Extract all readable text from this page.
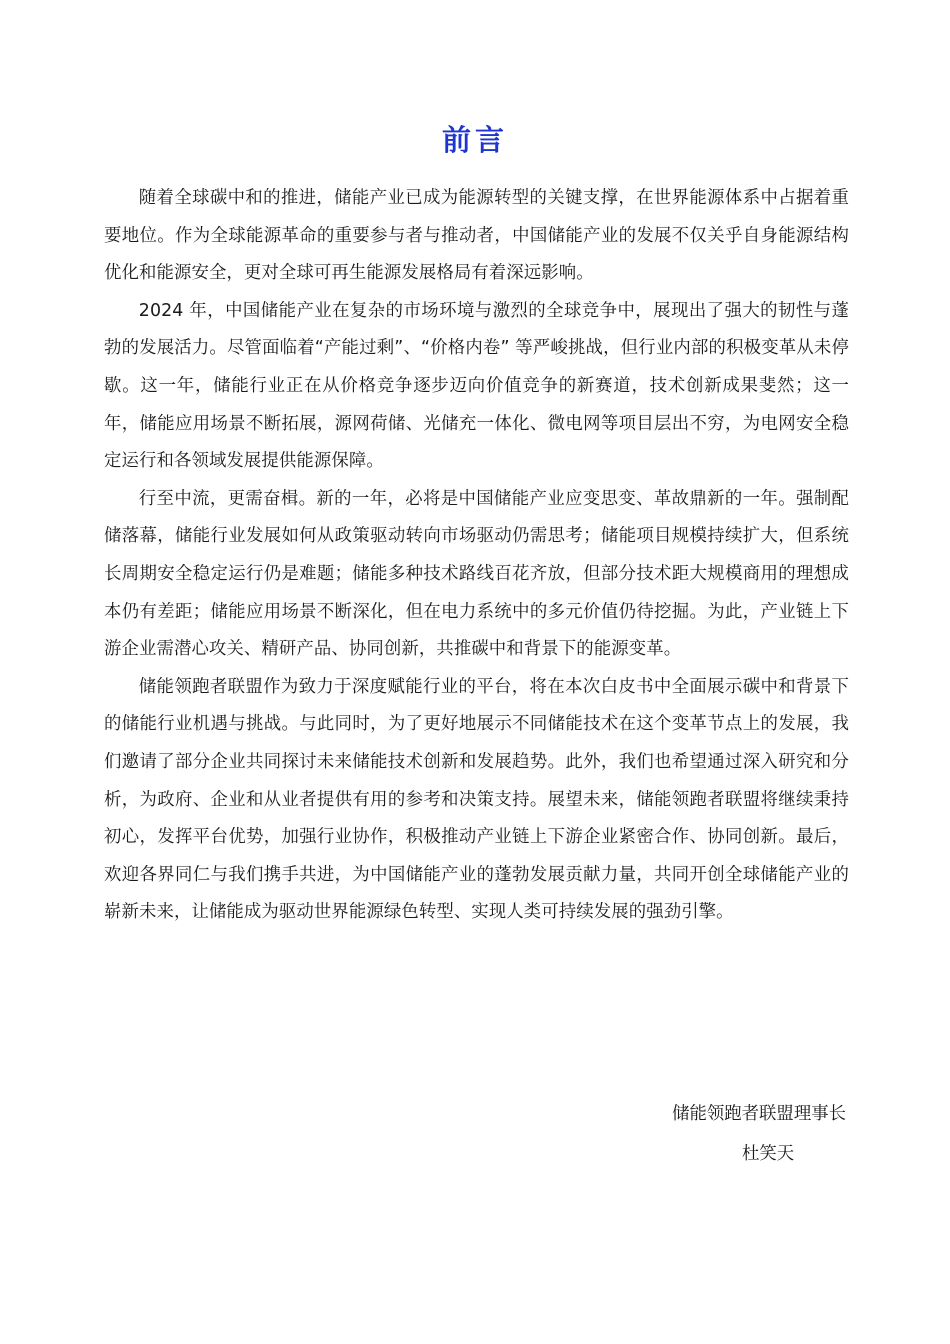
前言

随着全球碳中和的推进，储能产业已成为能源转型的关键支撑，在世界能源体系中占据着重要地位。作为全球能源革命的重要参与者与推动者，中国储能产业的发展不仅关乎自身能源结构优化和能源安全，更对全球可再生能源发展格局有着深远影响。

2024 年，中国储能产业在复杂的市场环境与激烈的全球竞争中，展现出了强大的韧性与蓬勃的发展活力。尽管面临着“产能过剩”、“价格内卷” 等严峻挑战，但行业内部的积极变革从未停歇。这一年，储能行业正在从价格竞争逐步迈向价值竞争的新赛道，技术创新成果斐然；这一年，储能应用场景不断拓展，源网荷储、光储充一体化、微电网等项目层出不穷，为电网安全稳定运行和各领域发展提供能源保障。

行至中流，更需奋楫。新的一年，必将是中国储能产业应变思变、革故鼎新的一年。强制配储落幕，储能行业发展如何从政策驱动转向市场驱动仍需思考；储能项目规模持续扩大，但系统长周期安全稳定运行仍是难题；储能多种技术路线百花齐放，但部分技术距大规模商用的理想成本仍有差距；储能应用场景不断深化，但在电力系统中的多元价值仍待挖掘。为此，产业链上下游企业需潜心攻关、精研产品、协同创新，共推碳中和背景下的能源变革。

储能领跑者联盟作为致力于深度赋能行业的平台，将在本次白皮书中全面展示碳中和背景下的储能行业机遇与挑战。与此同时，为了更好地展示不同储能技术在这个变革节点上的发展，我们邀请了部分企业共同探讨未来储能技术创新和发展趋势。此外，我们也希望通过深入研究和分析，为政府、企业和从业者提供有用的参考和决策支持。展望未来，储能领跑者联盟将继续秉持初心，发挥平台优势，加强行业协作，积极推动产业链上下游企业紧密合作、协同创新。最后，欢迎各界同仁与我们携手共进，为中国储能产业的蓬勃发展贡献力量，共同开创全球储能产业的崭新未来，让储能成为驱动世界能源绿色转型、实现人类可持续发展的强劲引擎。

储能领跑者联盟理事长
杜笑天
